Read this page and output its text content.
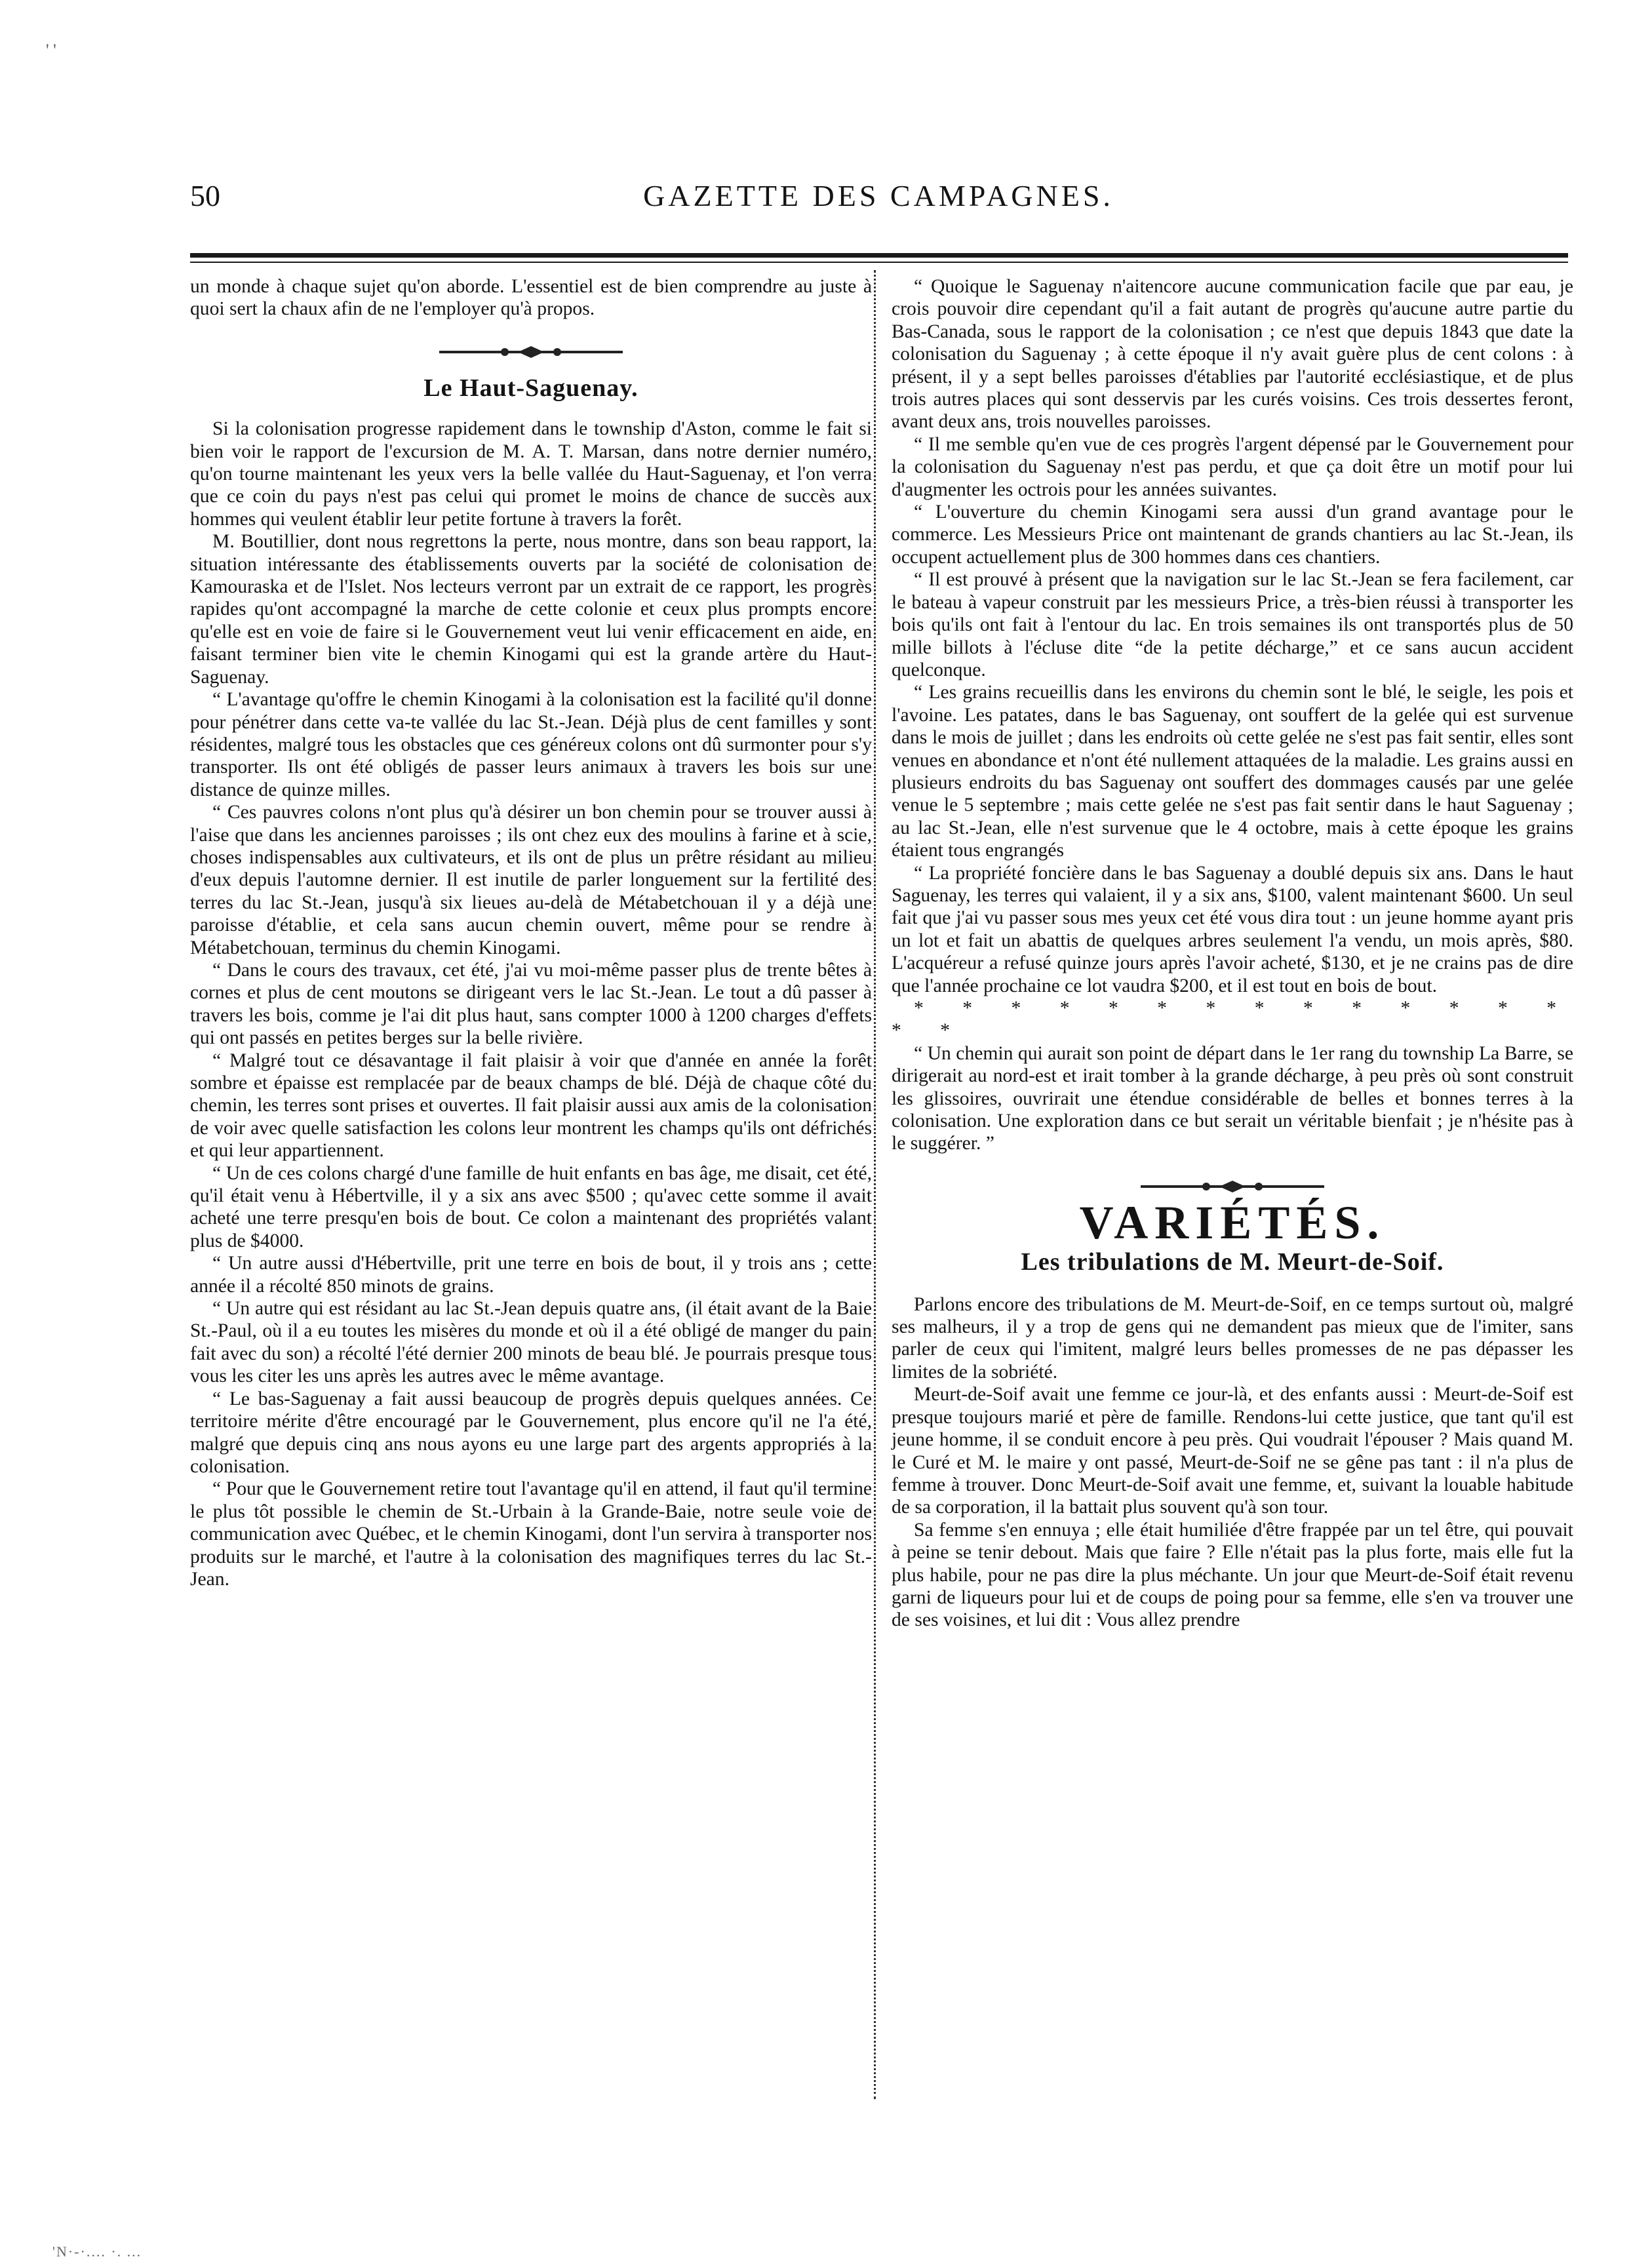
' '
50	GAZETTE DES CAMPAGNES.

un monde à chaque sujet qu'on aborde. L'essentiel est de bien comprendre au juste à quoi sert la chaux afin de ne l'employer qu'à propos.

Le Haut-Saguenay.

Si la colonisation progresse rapidement dans le township d'Aston, comme le fait si bien voir le rapport de l'excursion de M. A. T. Marsan, dans notre dernier numéro, qu'on tourne maintenant les yeux vers la belle vallée du Haut-Saguenay, et l'on verra que ce coin du pays n'est pas celui qui promet le moins de chance de succès aux hommes qui veulent établir leur petite fortune à travers la forêt.

M. Boutillier, dont nous regrettons la perte, nous montre, dans son beau rapport, la situation intéressante des établissements ouverts par la société de colonisation de Kamouraska et de l'Islet. Nos lecteurs verront par un extrait de ce rapport, les progrès rapides qu'ont accompagné la marche de cette colonie et ceux plus prompts encore qu'elle est en voie de faire si le Gouvernement veut lui venir efficacement en aide, en faisant terminer bien vite le chemin Kinogami qui est la grande artère du Haut-Saguenay.

“ L'avantage qu'offre le chemin Kinogami à la colonisation est la facilité qu'il donne pour pénétrer dans cette va-te vallée du lac St.-Jean. Déjà plus de cent familles y sont résidentes, malgré tous les obstacles que ces généreux colons ont dû surmonter pour s'y transporter. Ils ont été obligés de passer leurs animaux à travers les bois sur une distance de quinze milles.

“ Ces pauvres colons n'ont plus qu'à désirer un bon chemin pour se trouver aussi à l'aise que dans les anciennes paroisses ; ils ont chez eux des moulins à farine et à scie, choses indispensables aux cultivateurs, et ils ont de plus un prêtre résidant au milieu d'eux depuis l'automne dernier. Il est inutile de parler longuement sur la fertilité des terres du lac St.-Jean, jusqu'à six lieues au-delà de Métabetchouan il y a déjà une paroisse d'établie, et cela sans aucun chemin ouvert, même pour se rendre à Métabetchouan, terminus du chemin Kinogami.

“ Dans le cours des travaux, cet été, j'ai vu moi-même passer plus de trente bêtes à cornes et plus de cent moutons se dirigeant vers le lac St.-Jean. Le tout a dû passer à travers les bois, comme je l'ai dit plus haut, sans compter 1000 à 1200 charges d'effets qui ont passés en petites berges sur la belle rivière.

“ Malgré tout ce désavantage il fait plaisir à voir que d'année en année la forêt sombre et épaisse est remplacée par de beaux champs de blé. Déjà de chaque côté du chemin, les terres sont prises et ouvertes. Il fait plaisir aussi aux amis de la colonisation de voir avec quelle satisfaction les colons leur montrent les champs qu'ils ont défrichés et qui leur appartiennent.

“ Un de ces colons chargé d'une famille de huit enfants en bas âge, me disait, cet été, qu'il était venu à Hébertville, il y a six ans avec $500 ; qu'avec cette somme il avait acheté une terre presqu'en bois de bout. Ce colon a maintenant des propriétés valant plus de $4000.

“ Un autre aussi d'Hébertville, prit une terre en bois de bout, il y trois ans ; cette année il a récolté 850 minots de grains.

“ Un autre qui est résidant au lac St.-Jean depuis quatre ans, (il était avant de la Baie St.-Paul, où il a eu toutes les misères du monde et où il a été obligé de manger du pain fait avec du son) a récolté l'été dernier 200 minots de beau blé. Je pourrais presque tous vous les citer les uns après les autres avec le même avantage.

“ Le bas-Saguenay a fait aussi beaucoup de progrès depuis quelques années. Ce territoire mérite d'être encouragé par le Gouvernement, plus encore qu'il ne l'a été, malgré que depuis cinq ans nous ayons eu une large part des argents appropriés à la colonisation.

“ Pour que le Gouvernement retire tout l'avantage qu'il en attend, il faut qu'il termine le plus tôt possible le chemin de St.-Urbain à la Grande-Baie, notre seule voie de communication avec Québec, et le chemin Kinogami, dont l'un servira à transporter nos produits sur le marché, et l'autre à la colonisation des magnifiques terres du lac St.-Jean.

“ Quoique le Saguenay n'aitencore aucune communication facile que par eau, je crois pouvoir dire cependant qu'il a fait autant de progrès qu'aucune autre partie du Bas-Canada, sous le rapport de la colonisation ; ce n'est que depuis 1843 que date la colonisation du Saguenay ; à cette époque il n'y avait guère plus de cent colons : à présent, il y a sept belles paroisses d'établies par l'autorité ecclésiastique, et de plus trois autres places qui sont desservis par les curés voisins. Ces trois dessertes feront, avant deux ans, trois nouvelles paroisses.

“ Il me semble qu'en vue de ces progrès l'argent dépensé par le Gouvernement pour la colonisation du Saguenay n'est pas perdu, et que ça doit être un motif pour lui d'augmenter les octrois pour les années suivantes.

“ L'ouverture du chemin Kinogami sera aussi d'un grand avantage pour le commerce. Les Messieurs Price ont maintenant de grands chantiers au lac St.-Jean, ils occupent actuellement plus de 300 hommes dans ces chantiers.

“ Il est prouvé à présent que la navigation sur le lac St.-Jean se fera facilement, car le bateau à vapeur construit par les messieurs Price, a très-bien réussi à transporter les bois qu'ils ont fait à l'entour du lac. En trois semaines ils ont transportés plus de 50 mille billots à l'écluse dite “de la petite décharge,” et ce sans aucun accident quelconque.

“ Les grains recueillis dans les environs du chemin sont le blé, le seigle, les pois et l'avoine. Les patates, dans le bas Saguenay, ont souffert de la gelée qui est survenue dans le mois de juillet ; dans les endroits où cette gelée ne s'est pas fait sentir, elles sont venues en abondance et n'ont été nullement attaquées de la maladie. Les grains aussi en plusieurs endroits du bas Saguenay ont souffert des dommages causés par une gelée venue le 5 septembre ; mais cette gelée ne s'est pas fait sentir dans le haut Saguenay ; au lac St.-Jean, elle n'est survenue que le 4 octobre, mais à cette époque les grains étaient tous engrangés

“ La propriété foncière dans le bas Saguenay a doublé depuis six ans. Dans le haut Saguenay, les terres qui valaient, il y a six ans, $100, valent maintenant $600. Un seul fait que j'ai vu passer sous mes yeux cet été vous dira tout : un jeune homme ayant pris un lot et fait un abattis de quelques arbres seulement l'a vendu, un mois après, $80. L'acquéreur a refusé quinze jours après l'avoir acheté, $130, et je ne crains pas de dire que l'année prochaine ce lot vaudra $200, et il est tout en bois de bout.

* * * * * * * * * * * * * * * *

“ Un chemin qui aurait son point de départ dans le 1er rang du township La Barre, se dirigerait au nord-est et irait tomber à la grande décharge, à peu près où sont construit les glissoires, ouvrirait une étendue considérable de belles et bonnes terres à la colonisation. Une exploration dans ce but serait un véritable bienfait ; je n'hésite pas à le suggérer. ”

VARIÉTÉS.
Les tribulations de M. Meurt-de-Soif.

Parlons encore des tribulations de M. Meurt-de-Soif, en ce temps surtout où, malgré ses malheurs, il y a trop de gens qui ne demandent pas mieux que de l'imiter, sans parler de ceux qui l'imitent, malgré leurs belles promesses de ne pas dépasser les limites de la sobriété.

Meurt-de-Soif avait une femme ce jour-là, et des enfants aussi : Meurt-de-Soif est presque toujours marié et père de famille. Rendons-lui cette justice, que tant qu'il est jeune homme, il se conduit encore à peu près. Qui voudrait l'épouser ? Mais quand M. le Curé et M. le maire y ont passé, Meurt-de-Soif ne se gêne pas tant : il n'a plus de femme à trouver. Donc Meurt-de-Soif avait une femme, et, suivant la louable habitude de sa corporation, il la battait plus souvent qu'à son tour.

Sa femme s'en ennuya ; elle était humiliée d'être frappée par un tel être, qui pouvait à peine se tenir debout. Mais que faire ? Elle n'était pas la plus forte, mais elle fut la plus habile, pour ne pas dire la plus méchante. Un jour que Meurt-de-Soif était revenu garni de liqueurs pour lui et de coups de poing pour sa femme, elle s'en va trouver une de ses voisines, et lui dit : Vous allez prendre

'N·-·.... ·. ...
